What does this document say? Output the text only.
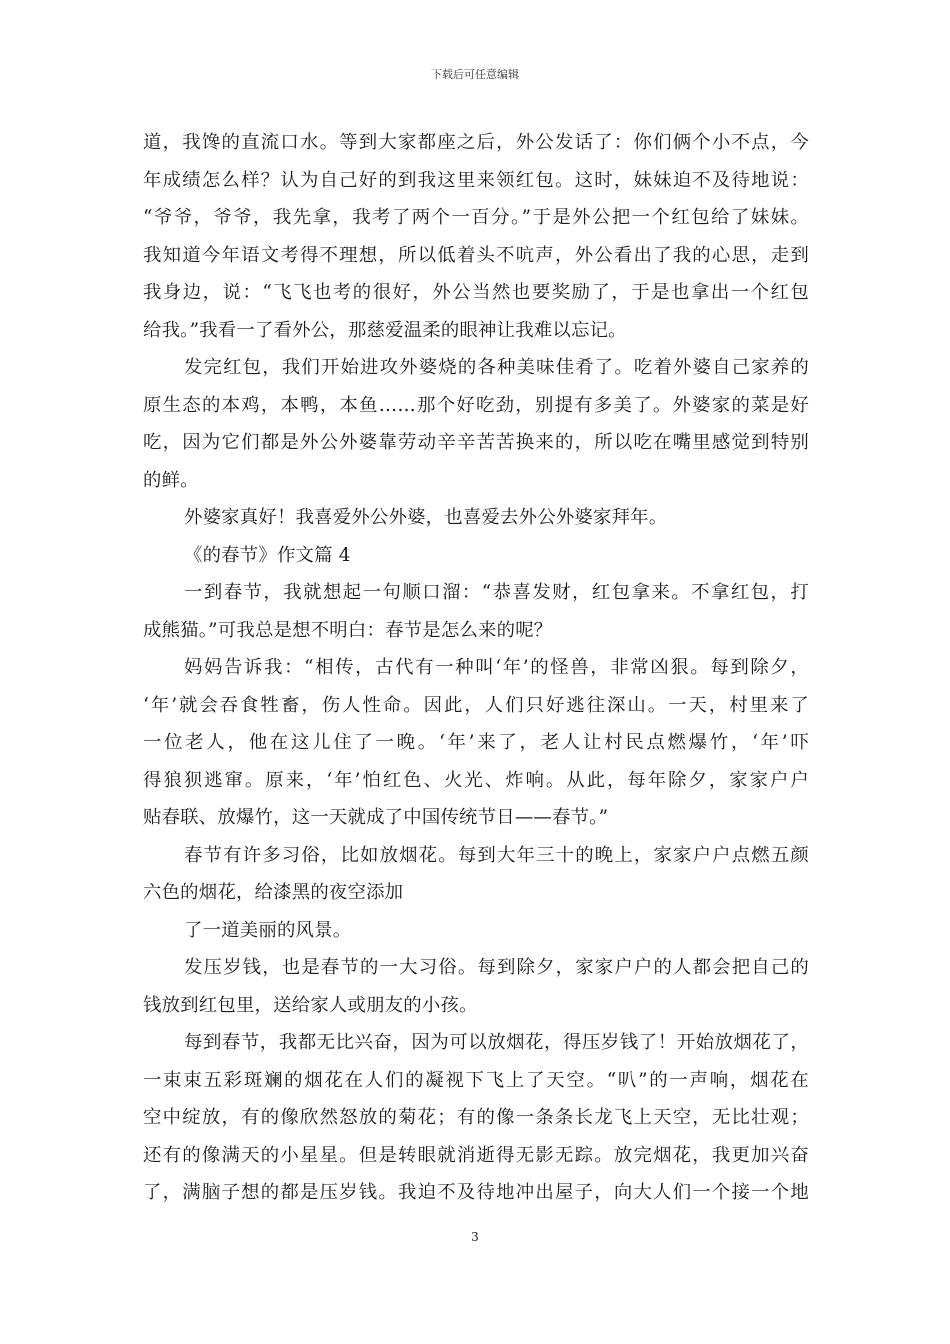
下载后可任意编辑
道，我馋的直流口水。等到大家都座之后，外公发话了：你们俩个小不点，今
年成绩怎么样？认为自己好的到我这里来领红包。这时，妹妹迫不及待地说：
“爷爷，爷爷，我先拿，我考了两个一百分。”于是外公把一个红包给了妹妹。
我知道今年语文考得不理想，所以低着头不吭声，外公看出了我的心思，走到
我身边，说：“飞飞也考的很好，外公当然也要奖励了，于是也拿出一个红包
给我。”我看一了看外公，那慈爱温柔的眼神让我难以忘记。
发完红包，我们开始进攻外婆烧的各种美味佳肴了。吃着外婆自己家养的
原生态的本鸡，本鸭，本鱼……那个好吃劲，别提有多美了。外婆家的菜是好
吃，因为它们都是外公外婆靠劳动辛辛苦苦换来的，所以吃在嘴里感觉到特别
的鲜。
外婆家真好！我喜爱外公外婆，也喜爱去外公外婆家拜年。
《的春节》作文篇 4
一到春节，我就想起一句顺口溜：“恭喜发财，红包拿来。不拿红包，打
成熊猫。”可我总是想不明白：春节是怎么来的呢？
妈妈告诉我：“相传，古代有一种叫‘年’的怪兽，非常凶狠。每到除夕，
‘年’就会吞食牲畜，伤人性命。因此，人们只好逃往深山。一天，村里来了
一位老人，他在这儿住了一晚。‘年’来了，老人让村民点燃爆竹，‘年’吓
得狼狈逃窜。原来，‘年’怕红色、火光、炸响。从此，每年除夕，家家户户
贴春联、放爆竹，这一天就成了中国传统节日——春节。”
春节有许多习俗，比如放烟花。每到大年三十的晚上，家家户户点燃五颜
六色的烟花，给漆黑的夜空添加
了一道美丽的风景。
发压岁钱，也是春节的一大习俗。每到除夕，家家户户的人都会把自己的
钱放到红包里，送给家人或朋友的小孩。
每到春节，我都无比兴奋，因为可以放烟花，得压岁钱了！开始放烟花了，
一束束五彩斑斓的烟花在人们的凝视下飞上了天空。“叭”的一声响，烟花在
空中绽放，有的像欣然怒放的菊花；有的像一条条长龙飞上天空，无比壮观；
还有的像满天的小星星。但是转眼就消逝得无影无踪。放完烟花，我更加兴奋
了，满脑子想的都是压岁钱。我迫不及待地冲出屋子，向大人们一个接一个地
3
